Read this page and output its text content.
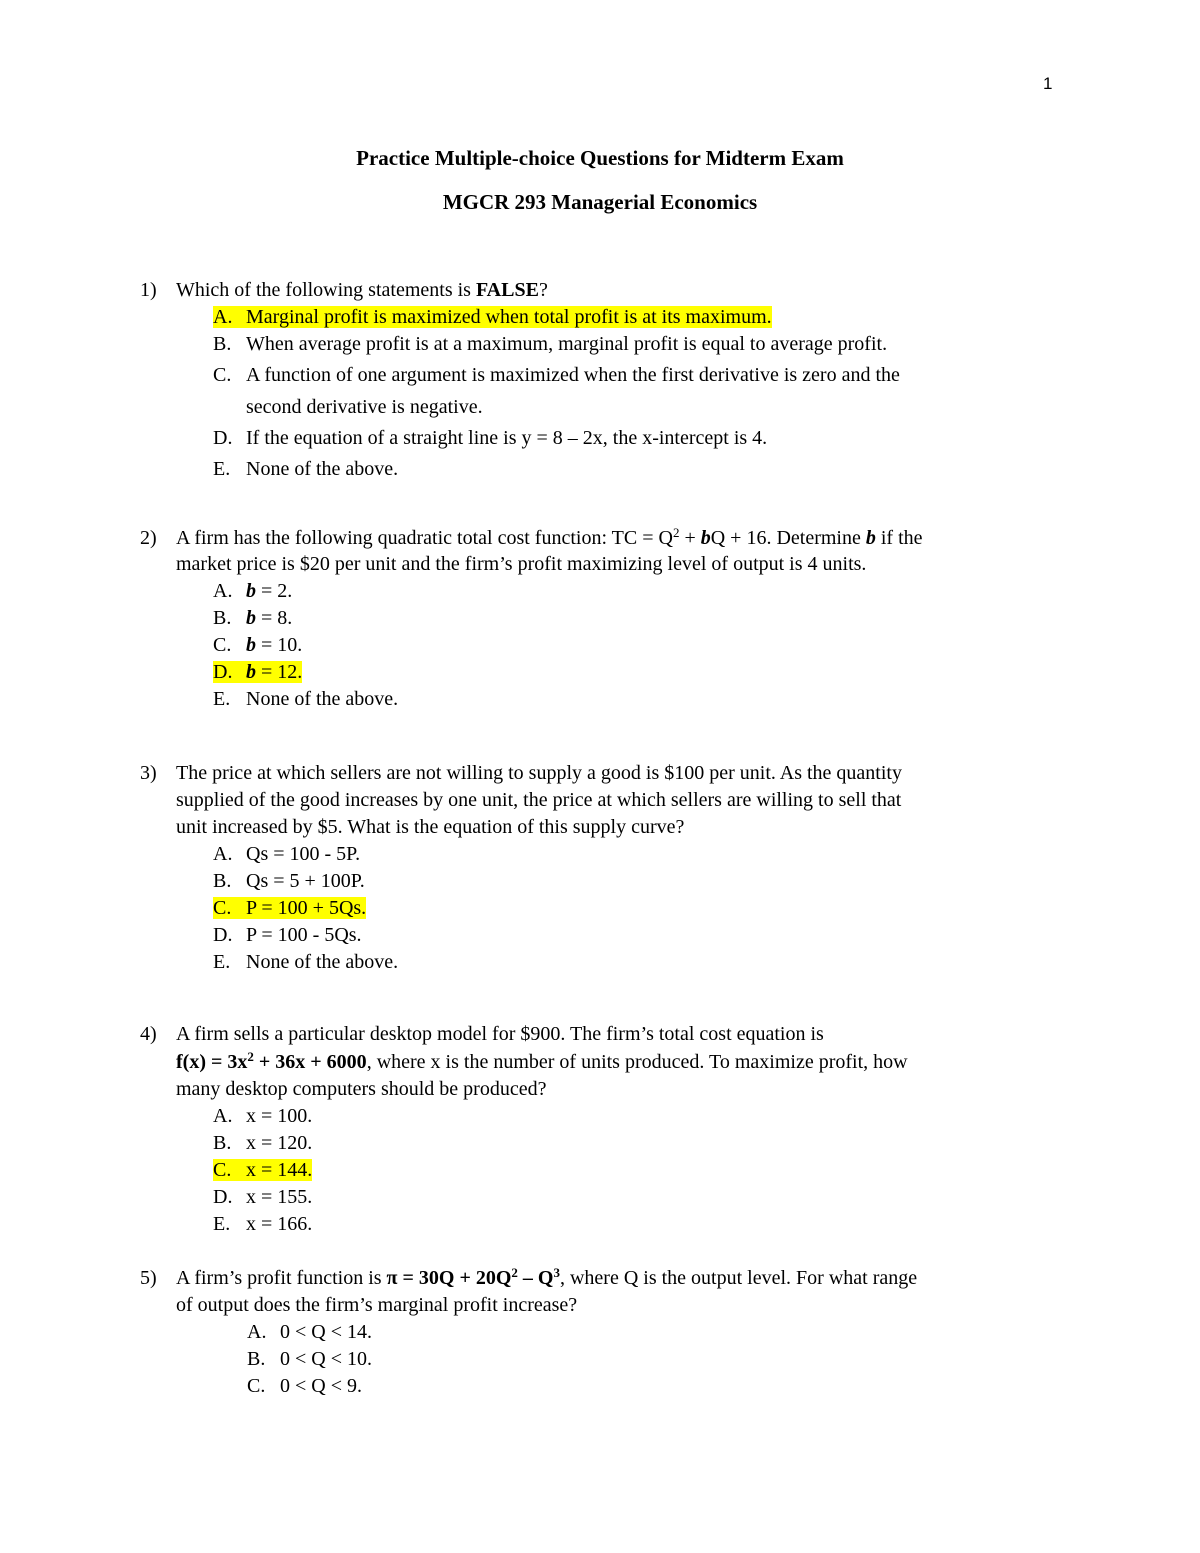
1
Practice Multiple-choice Questions for Midterm Exam
MGCR 293 Managerial Economics
1) Which of the following statements is FALSE?
A. Marginal profit is maximized when total profit is at its maximum.
B. When average profit is at a maximum, marginal profit is equal to average profit.
C. A function of one argument is maximized when the first derivative is zero and the
second derivative is negative.
D. If the equation of a straight line is y = 8 – 2x, the x-intercept is 4.
E. None of the above.
2) A firm has the following quadratic total cost function: TC = $Q^2$ + bQ + 16. Determine b if the
market price is $20 per unit and the firm’s profit maximizing level of output is 4 units.
A. b = 2.
B. b = 8.
C. b = 10.
D. b = 12.
E. None of the above.
3) The price at which sellers are not willing to supply a good is $100 per unit. As the quantity
supplied of the good increases by one unit, the price at which sellers are willing to sell that
unit increased by $5. What is the equation of this supply curve?
A. Qs = 100 - 5P.
B. Qs = 5 + 100P.
C. P = 100 + 5Qs.
D. P = 100 - 5Qs.
E. None of the above.
4) A firm sells a particular desktop model for $900. The firm’s total cost equation is
$f(x) = 3x^2 + 36x + 6000$, where x is the number of units produced. To maximize profit, how
many desktop computers should be produced?
A. x = 100.
B. x = 120.
C. x = 144.
D. x = 155.
E. x = 166.
5) A firm’s profit function is $\pi = 30Q + 20Q^2 - Q^3$, where Q is the output level. For what range
of output does the firm’s marginal profit increase?
A. 0 < Q < 14.
B. 0 < Q < 10.
C. 0 < Q < 9.
